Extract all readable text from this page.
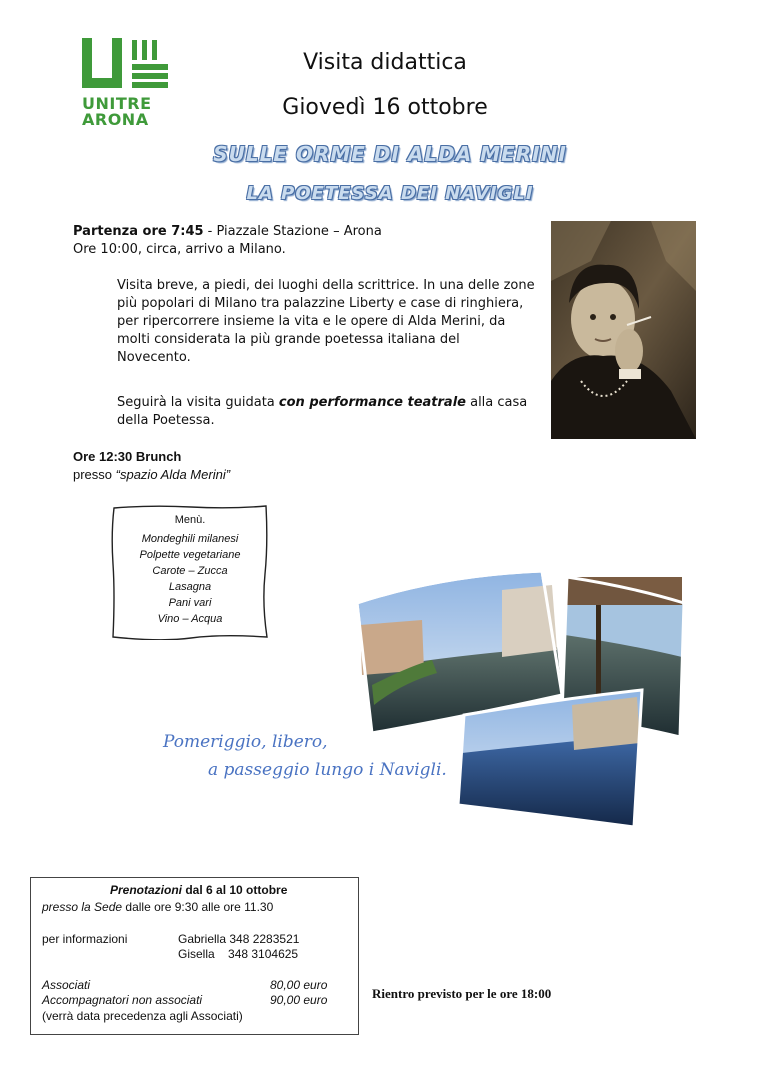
UNITRE
ARONA
Visita didattica
Giovedì 16 ottobre
SULLE ORME DI ALDA MERINI
LA POETESSA DEI NAVIGLI
Partenza ore 7:45 - Piazzale Stazione – Arona
Ore 10:00, circa, arrivo a Milano.
Visita breve, a piedi, dei luoghi della scrittrice. In una delle zone più popolari di Milano tra palazzine Liberty e case di ringhiera, per ripercorrere insieme la vita e le opere di Alda Merini, da molti considerata la più grande poetessa italiana del Novecento.
Seguirà la visita guidata con performance teatrale alla casa della Poetessa.
Ore 12:30 Brunch
presso “spazio Alda Merini”
Menù.
Mondeghili milanesi
Polpette vegetariane
Carote – Zucca
Lasagna
Pani vari
Vino – Acqua
Pomeriggio, libero,
a passeggio lungo i Navigli.
Prenotazioni dal 6 al 10 ottobre
presso la Sede dalle ore 9:30 alle ore 11.30
per informazioni	Gabriella 348 2283521
Gisella    348 3104625
Associati	80,00 euro
Accompagnatori non associati	90,00 euro
(verrà data precedenza agli Associati)
Rientro previsto per le ore 18:00
